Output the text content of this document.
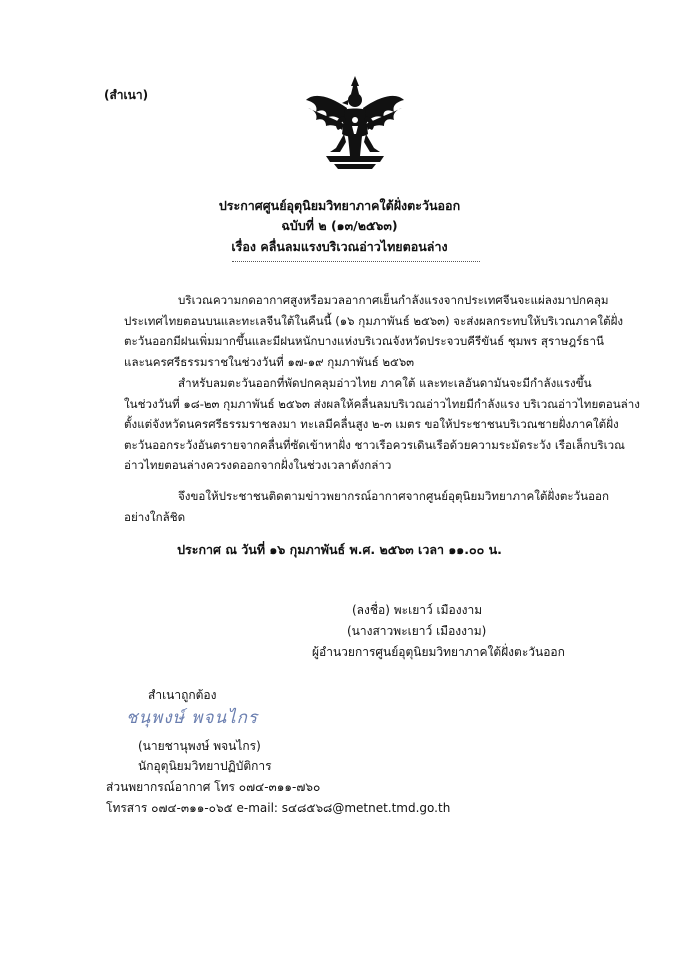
(สำเนา)
ประกาศศูนย์อุตุนิยมวิทยาภาคใต้ฝั่งตะวันออก
ฉบับที่ ๒ (๑๓/๒๕๖๓)
เรื่อง คลื่นลมแรงบริเวณอ่าวไทยตอนล่าง
บริเวณความกดอากาศสูงหรือมวลอากาศเย็นกำลังแรงจากประเทศจีนจะแผ่ลงมาปกคลุม
ประเทศไทยตอนบนและทะเลจีนใต้ในคืนนี้ (๑๖ กุมภาพันธ์ ๒๕๖๓) จะส่งผลกระทบให้บริเวณภาคใต้ฝั่ง
ตะวันออกมีฝนเพิ่มมากขึ้นและมีฝนหนักบางแห่งบริเวณจังหวัดประจวบคีรีขันธ์ ชุมพร สุราษฎร์ธานี
และนครศรีธรรมราชในช่วงวันที่ ๑๗-๑๙ กุมภาพันธ์ ๒๕๖๓
สำหรับลมตะวันออกที่พัดปกคลุมอ่าวไทย ภาคใต้ และทะเลอันดามันจะมีกำลังแรงขึ้น
ในช่วงวันที่ ๑๘-๒๓ กุมภาพันธ์ ๒๕๖๓ ส่งผลให้คลื่นลมบริเวณอ่าวไทยมีกำลังแรง บริเวณอ่าวไทยตอนล่าง
ตั้งแต่จังหวัดนครศรีธรรมราชลงมา ทะเลมีคลื่นสูง ๒-๓ เมตร ขอให้ประชาชนบริเวณชายฝั่งภาคใต้ฝั่ง
ตะวันออกระวังอันตรายจากคลื่นที่ซัดเข้าหาฝั่ง ชาวเรือควรเดินเรือด้วยความระมัดระวัง เรือเล็กบริเวณ
อ่าวไทยตอนล่างควรงดออกจากฝั่งในช่วงเวลาดังกล่าว
จึงขอให้ประชาชนติดตามข่าวพยากรณ์อากาศจากศูนย์อุตุนิยมวิทยาภาคใต้ฝั่งตะวันออก
อย่างใกล้ชิด
ประกาศ ณ วันที่ ๑๖ กุมภาพันธ์ พ.ศ. ๒๕๖๓ เวลา ๑๑.๐๐ น.
(ลงชื่อ) พะเยาว์ เมืองงาม
(นางสาวพะเยาว์ เมืองงาม)
ผู้อำนวยการศูนย์อุตุนิยมวิทยาภาคใต้ฝั่งตะวันออก
สำเนาถูกต้อง
ชนุพงษ์ พจนไกร
(นายชานุพงษ์ พจนไกร)
นักอุตุนิยมวิทยาปฏิบัติการ
ส่วนพยากรณ์อากาศ โทร ๐๗๔-๓๑๑-๗๖๐
โทรสาร ๐๗๔-๓๑๑-๐๖๕ e-mail: s๔๘๕๖๘@metnet.tmd.go.th
